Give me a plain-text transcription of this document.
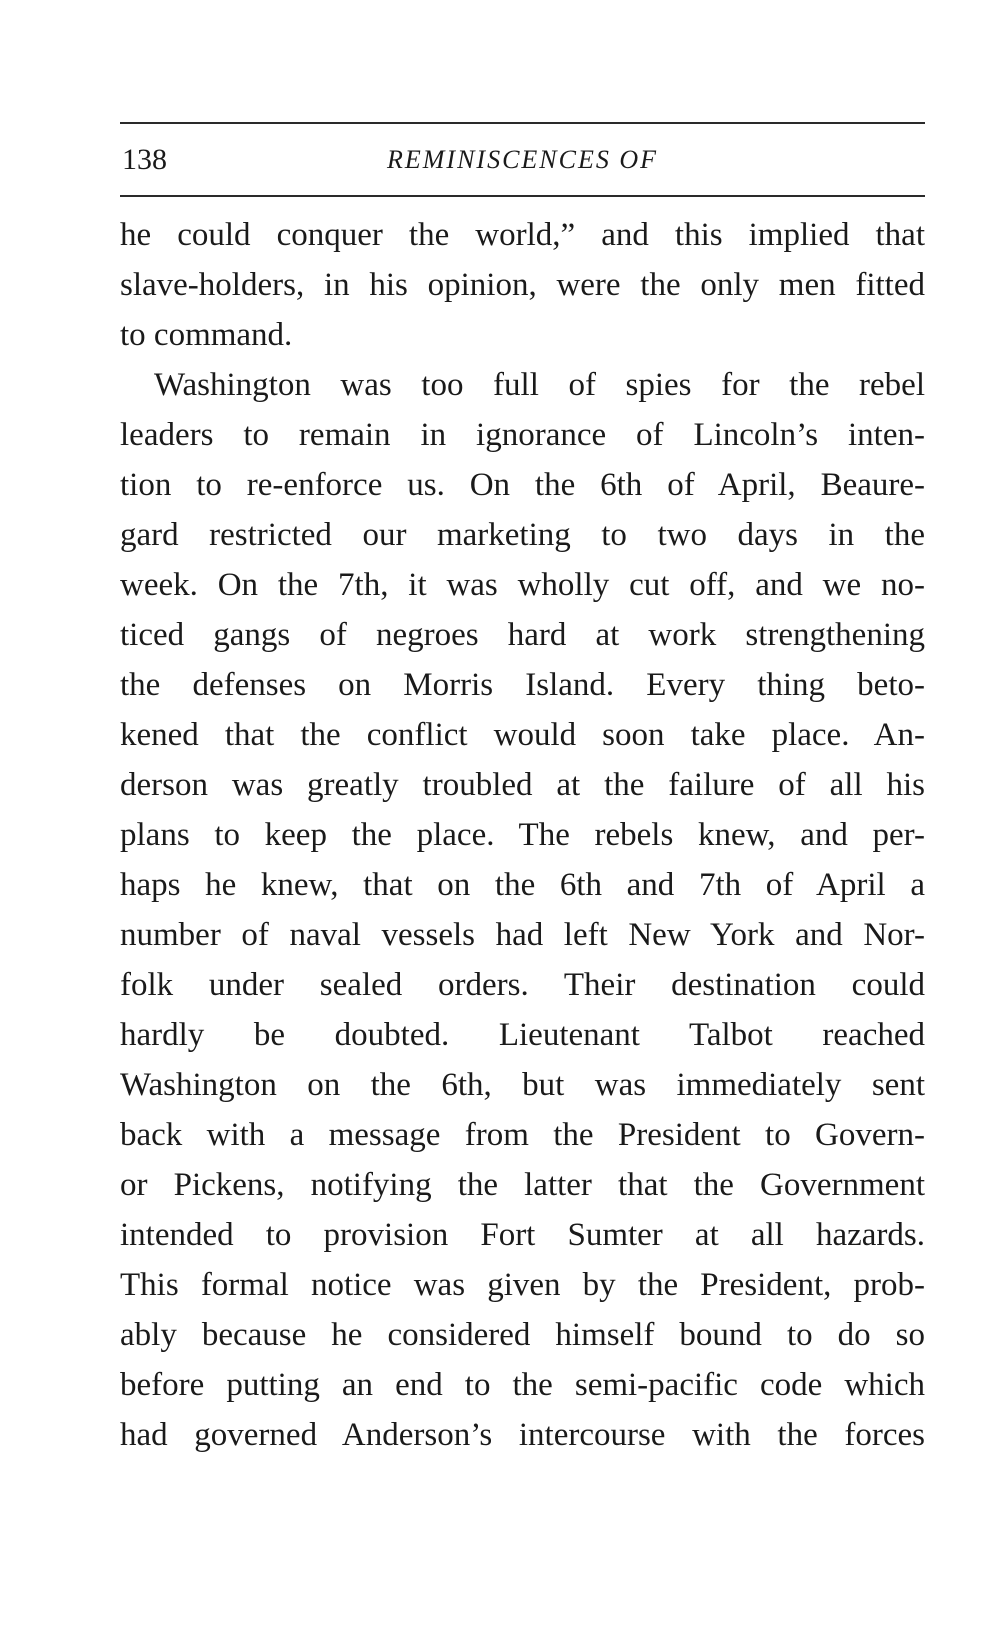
138	REMINISCENCES OF
he could conquer the world,” and this implied that
slave-holders, in his opinion, were the only men fitted
to command.
Washington was too full of spies for the rebel
leaders to remain in ignorance of Lincoln’s inten-
tion to re-enforce us. On the 6th of April, Beaure-
gard restricted our marketing to two days in the
week. On the 7th, it was wholly cut off, and we no-
ticed gangs of negroes hard at work strengthening
the defenses on Morris Island. Every thing beto-
kened that the conflict would soon take place. An-
derson was greatly troubled at the failure of all his
plans to keep the place. The rebels knew, and per-
haps he knew, that on the 6th and 7th of April a
number of naval vessels had left New York and Nor-
folk under sealed orders. Their destination could
hardly be doubted. Lieutenant Talbot reached
Washington on the 6th, but was immediately sent
back with a message from the President to Govern-
or Pickens, notifying the latter that the Government
intended to provision Fort Sumter at all hazards.
This formal notice was given by the President, prob-
ably because he considered himself bound to do so
before putting an end to the semi-pacific code which
had governed Anderson’s intercourse with the forces
